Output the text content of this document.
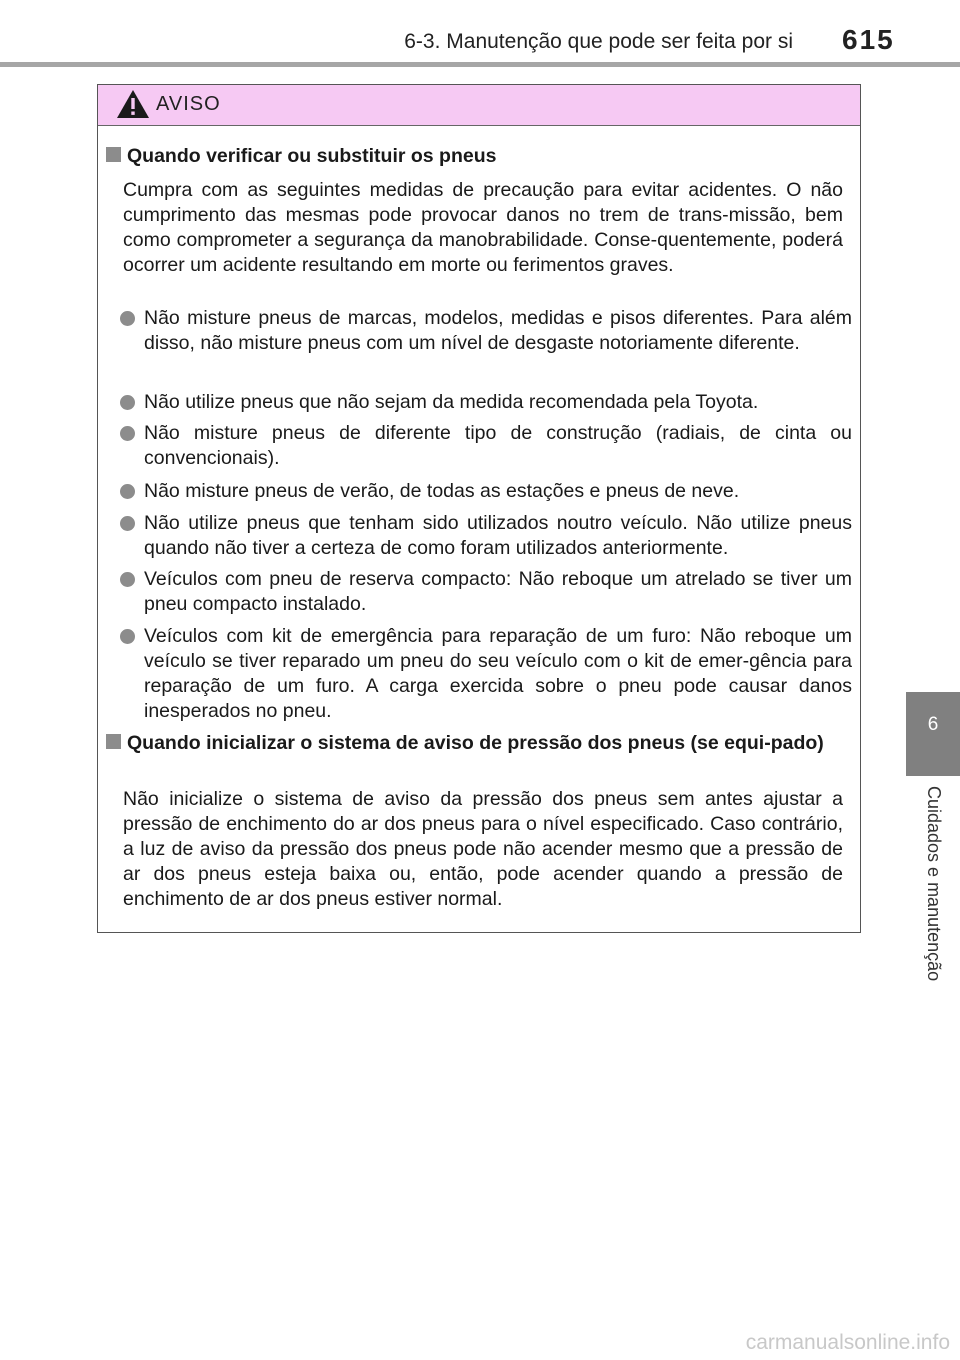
6-3. Manutenção que pode ser feita por si 615
6
Cuidados e manutenção
AVISO
Quando verificar ou substituir os pneus
Cumpra com as seguintes medidas de precaução para evitar acidentes. O não cumprimento das mesmas pode provocar danos no trem de trans-missão, bem como comprometer a segurança da manobrabilidade. Conse-quentemente, poderá ocorrer um acidente resultando em morte ou ferimentos graves.
Não misture pneus de marcas, modelos, medidas e pisos diferentes. Para além disso, não misture pneus com um nível de desgaste notoriamente diferente.
Não utilize pneus que não sejam da medida recomendada pela Toyota.
Não misture pneus de diferente tipo de construção (radiais, de cinta ou convencionais).
Não misture pneus de verão, de todas as estações e pneus de neve.
Não utilize pneus que tenham sido utilizados noutro veículo. Não utilize pneus quando não tiver a certeza de como foram utilizados anteriormente.
Veículos com pneu de reserva compacto: Não reboque um atrelado se tiver um pneu compacto instalado.
Veículos com kit de emergência para reparação de um furo: Não reboque um veículo se tiver reparado um pneu do seu veículo com o kit de emer-gência para reparação de um furo. A carga exercida sobre o pneu pode causar danos inesperados no pneu.
Quando inicializar o sistema de aviso de pressão dos pneus (se equi-pado)
Não inicialize o sistema de aviso da pressão dos pneus sem antes ajustar a pressão de enchimento do ar dos pneus para o nível especificado. Caso contrário, a luz de aviso da pressão dos pneus pode não acender mesmo que a pressão de ar dos pneus esteja baixa ou, então, pode acender quando a pressão de enchimento de ar dos pneus estiver normal.
carmanualsonline.info
